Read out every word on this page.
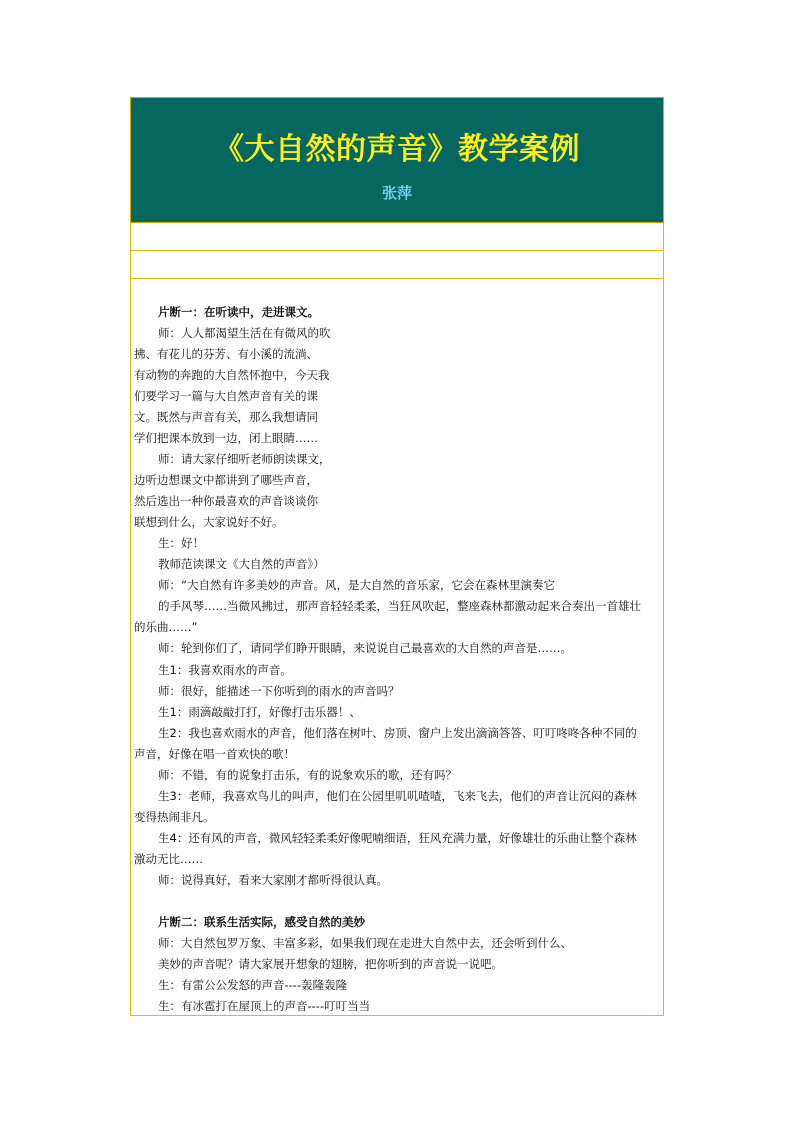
《大自然的声音》教学案例
张萍
片断一：在听读中，走进课文。
师：人人都渴望生活在有微风的吹
拂、有花儿的芬芳、有小溪的流淌、
有动物的奔跑的大自然怀抱中，今天我
们要学习一篇与大自然声音有关的课
文。既然与声音有关，那么我想请同
学们把课本放到一边，闭上眼睛……
师：请大家仔细听老师朗读课文，
边听边想课文中都讲到了哪些声音，
然后选出一种你最喜欢的声音谈谈你
联想到什么，大家说好不好。
生：好！
教师范读课文《大自然的声音》）
师：“大自然有许多美妙的声音。风，是大自然的音乐家，它会在森林里演奏它
的手风琴……当微风拂过，那声音轻轻柔柔，当狂风吹起，整座森林都激动起来合奏出一首雄壮
的乐曲……”
师：轮到你们了，请同学们睁开眼睛，来说说自己最喜欢的大自然的声音是……。
生1：我喜欢雨水的声音。
师：很好，能描述一下你听到的雨水的声音吗？
生1：雨滴敲敲打打，好像打击乐器！、
生2：我也喜欢雨水的声音，他们落在树叶、房顶、窗户上发出滴滴答答、叮叮咚咚各种不同的
声音，好像在唱一首欢快的歌！
师：不错，有的说象打击乐，有的说象欢乐的歌，还有吗？
生3：老师，我喜欢鸟儿的叫声，他们在公园里叽叽喳喳，飞来飞去，他们的声音让沉闷的森林
变得热闹非凡。
生4：还有风的声音，微风轻轻柔柔好像呢喃细语，狂风充满力量，好像雄壮的乐曲让整个森林
激动无比……
师：说得真好，看来大家刚才都听得很认真。
片断二：联系生活实际，感受自然的美妙
师：大自然包罗万象、丰富多彩，如果我们现在走进大自然中去，还会听到什么、
美妙的声音呢？请大家展开想象的翅膀，把你听到的声音说一说吧。
生：有雷公公发怒的声音----轰隆轰隆
生：有冰雹打在屋顶上的声音----叮叮当当
